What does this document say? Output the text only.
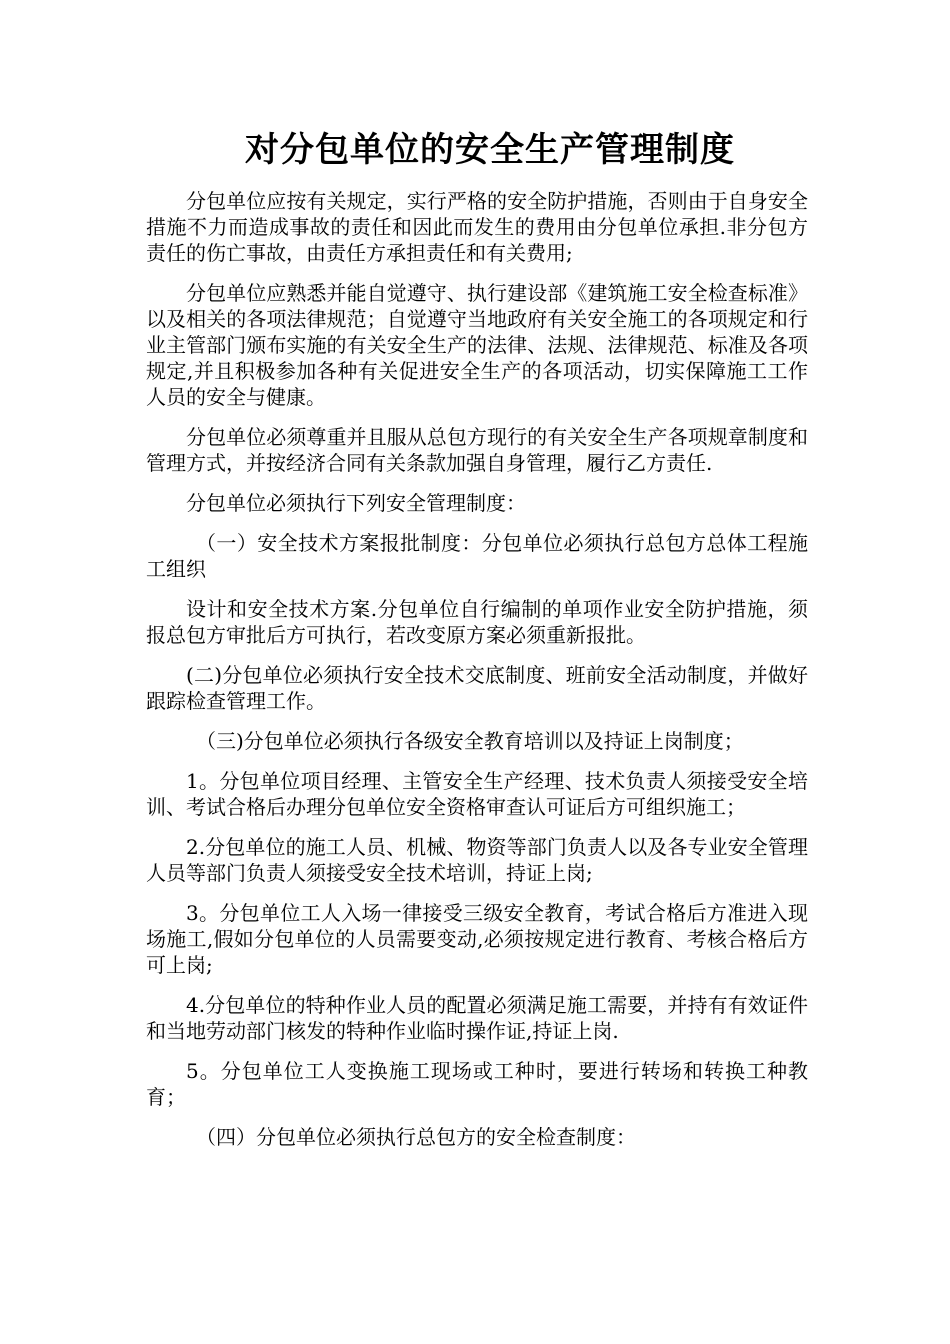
对分包单位的安全生产管理制度

分包单位应按有关规定，实行严格的安全防护措施，否则由于自身安全措施不力而造成事故的责任和因此而发生的费用由分包单位承担.非分包方责任的伤亡事故，由责任方承担责任和有关费用;

分包单位应熟悉并能自觉遵守、执行建设部《建筑施工安全检查标准》以及相关的各项法律规范；自觉遵守当地政府有关安全施工的各项规定和行业主管部门颁布实施的有关安全生产的法律、法规、法律规范、标准及各项规定,并且积极参加各种有关促进安全生产的各项活动，切实保障施工工作人员的安全与健康。

分包单位必须尊重并且服从总包方现行的有关安全生产各项规章制度和管理方式，并按经济合同有关条款加强自身管理，履行乙方责任.

分包单位必须执行下列安全管理制度：

（一）安全技术方案报批制度：分包单位必须执行总包方总体工程施工组织

设计和安全技术方案.分包单位自行编制的单项作业安全防护措施，须报总包方审批后方可执行，若改变原方案必须重新报批。

(二)分包单位必须执行安全技术交底制度、班前安全活动制度，并做好跟踪检查管理工作。

（三)分包单位必须执行各级安全教育培训以及持证上岗制度；

1。分包单位项目经理、主管安全生产经理、技术负责人须接受安全培训、考试合格后办理分包单位安全资格审查认可证后方可组织施工；

2.分包单位的施工人员、机械、物资等部门负责人以及各专业安全管理人员等部门负责人须接受安全技术培训，持证上岗;

3。分包单位工人入场一律接受三级安全教育，考试合格后方准进入现场施工,假如分包单位的人员需要变动,必须按规定进行教育、考核合格后方可上岗;

4.分包单位的特种作业人员的配置必须满足施工需要，并持有有效证件和当地劳动部门核发的特种作业临时操作证,持证上岗.

5。分包单位工人变换施工现场或工种时，要进行转场和转换工种教育；

（四）分包单位必须执行总包方的安全检查制度：
